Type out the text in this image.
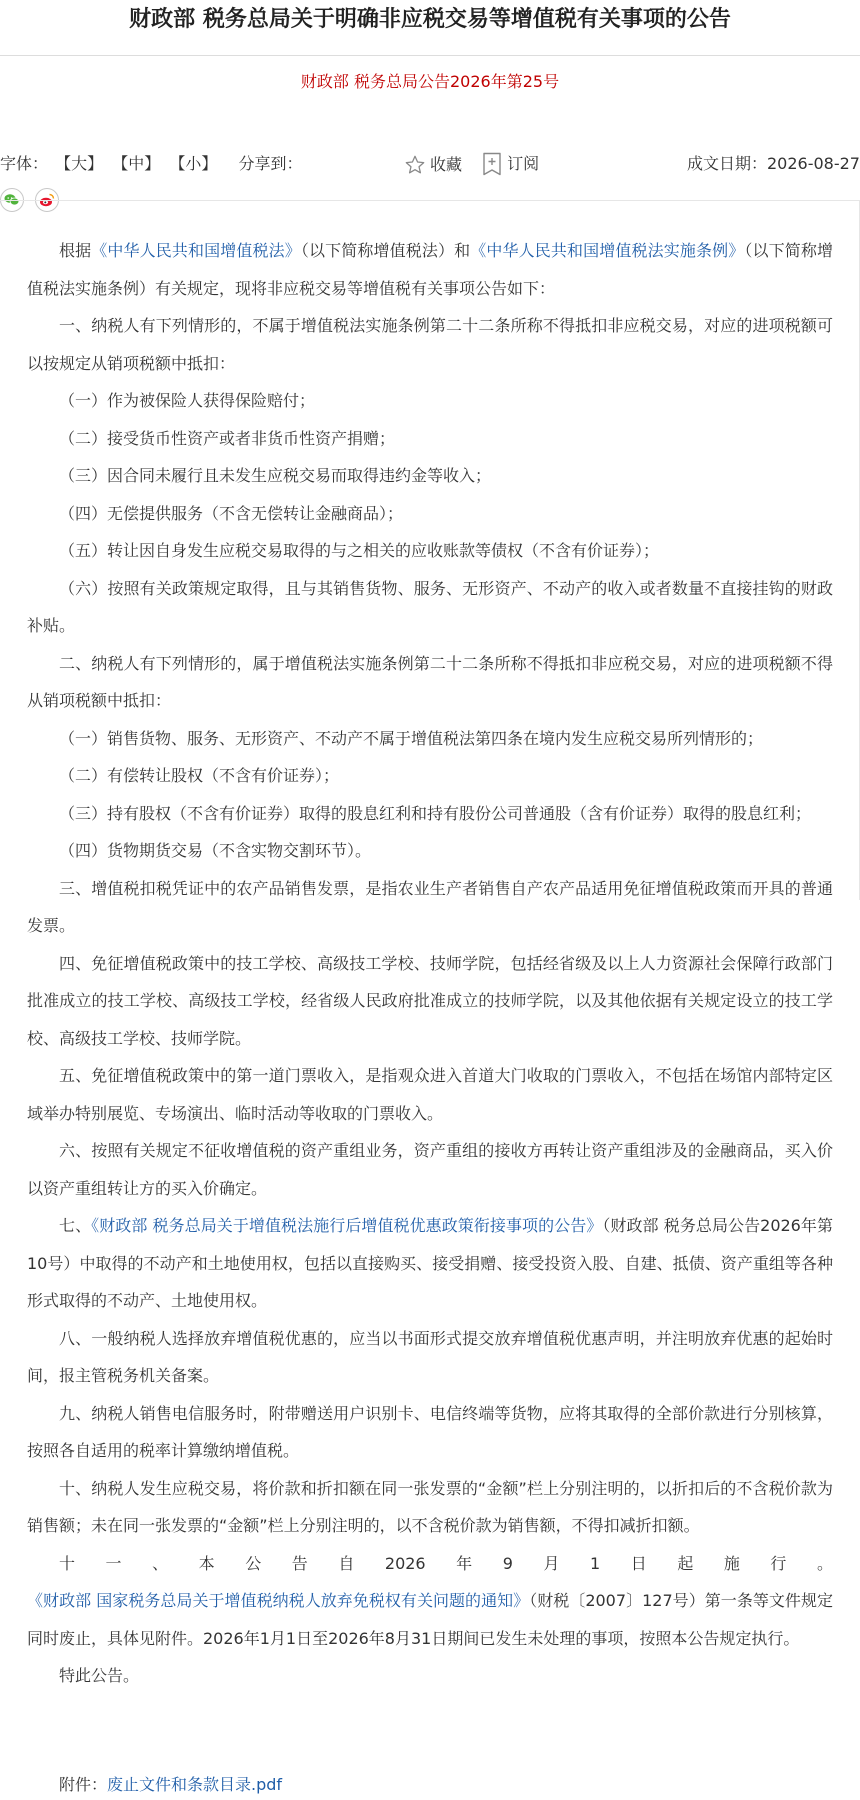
财政部 税务总局关于明确非应税交易等增值税有关事项的公告
财政部 税务总局公告2026年第25号
字体： 【大】 【中】 【小】 分享到：	收藏
	订阅	成文日期：2026-08-27

根据《中华人民共和国增值税法》（以下简称增值税法）和《中华人民共和国增值税法实施条例》（以下简称增值税法实施条例）有关规定，现将非应税交易等增值税有关事项公告如下：

一、纳税人有下列情形的，不属于增值税法实施条例第二十二条所称不得抵扣非应税交易，对应的进项税额可以按规定从销项税额中抵扣：

（一）作为被保险人获得保险赔付；

（二）接受货币性资产或者非货币性资产捐赠；

（三）因合同未履行且未发生应税交易而取得违约金等收入；

（四）无偿提供服务（不含无偿转让金融商品）；

（五）转让因自身发生应税交易取得的与之相关的应收账款等债权（不含有价证券）；

（六）按照有关政策规定取得，且与其销售货物、服务、无形资产、不动产的收入或者数量不直接挂钩的财政补贴。

二、纳税人有下列情形的，属于增值税法实施条例第二十二条所称不得抵扣非应税交易，对应的进项税额不得从销项税额中抵扣：

（一）销售货物、服务、无形资产、不动产不属于增值税法第四条在境内发生应税交易所列情形的；

（二）有偿转让股权（不含有价证券）；

（三）持有股权（不含有价证券）取得的股息红利和持有股份公司普通股（含有价证券）取得的股息红利；

（四）货物期货交易（不含实物交割环节）。

三、增值税扣税凭证中的农产品销售发票，是指农业生产者销售自产农产品适用免征增值税政策而开具的普通发票。

四、免征增值税政策中的技工学校、高级技工学校、技师学院，包括经省级及以上人力资源社会保障行政部门批准成立的技工学校、高级技工学校，经省级人民政府批准成立的技师学院，以及其他依据有关规定设立的技工学校、高级技工学校、技师学院。

五、免征增值税政策中的第一道门票收入，是指观众进入首道大门收取的门票收入，不包括在场馆内部特定区域举办特别展览、专场演出、临时活动等收取的门票收入。

六、按照有关规定不征收增值税的资产重组业务，资产重组的接收方再转让资产重组涉及的金融商品，买入价以资产重组转让方的买入价确定。

七、《财政部 税务总局关于增值税法施行后增值税优惠政策衔接事项的公告》（财政部 税务总局公告2026年第10号）中取得的不动产和土地使用权，包括以直接购买、接受捐赠、接受投资入股、自建、抵债、资产重组等各种形式取得的不动产、土地使用权。

八、一般纳税人选择放弃增值税优惠的，应当以书面形式提交放弃增值税优惠声明，并注明放弃优惠的起始时间，报主管税务机关备案。

九、纳税人销售电信服务时，附带赠送用户识别卡、电信终端等货物，应将其取得的全部价款进行分别核算，按照各自适用的税率计算缴纳增值税。

十、纳税人发生应税交易，将价款和折扣额在同一张发票的“金额”栏上分别注明的，以折扣后的不含税价款为销售额；未在同一张发票的“金额”栏上分别注明的，以不含税价款为销售额，不得扣减折扣额。

十一、本公告自2026年9月1日起施行。《财政部 国家税务总局关于增值税纳税人放弃免税权有关问题的通知》（财税〔2007〕127号）第一条等文件规定同时废止，具体见附件。2026年1月1日至2026年8月31日期间已发生未处理的事项，按照本公告规定执行。

特此公告。

附件：废止文件和条款目录.pdf
